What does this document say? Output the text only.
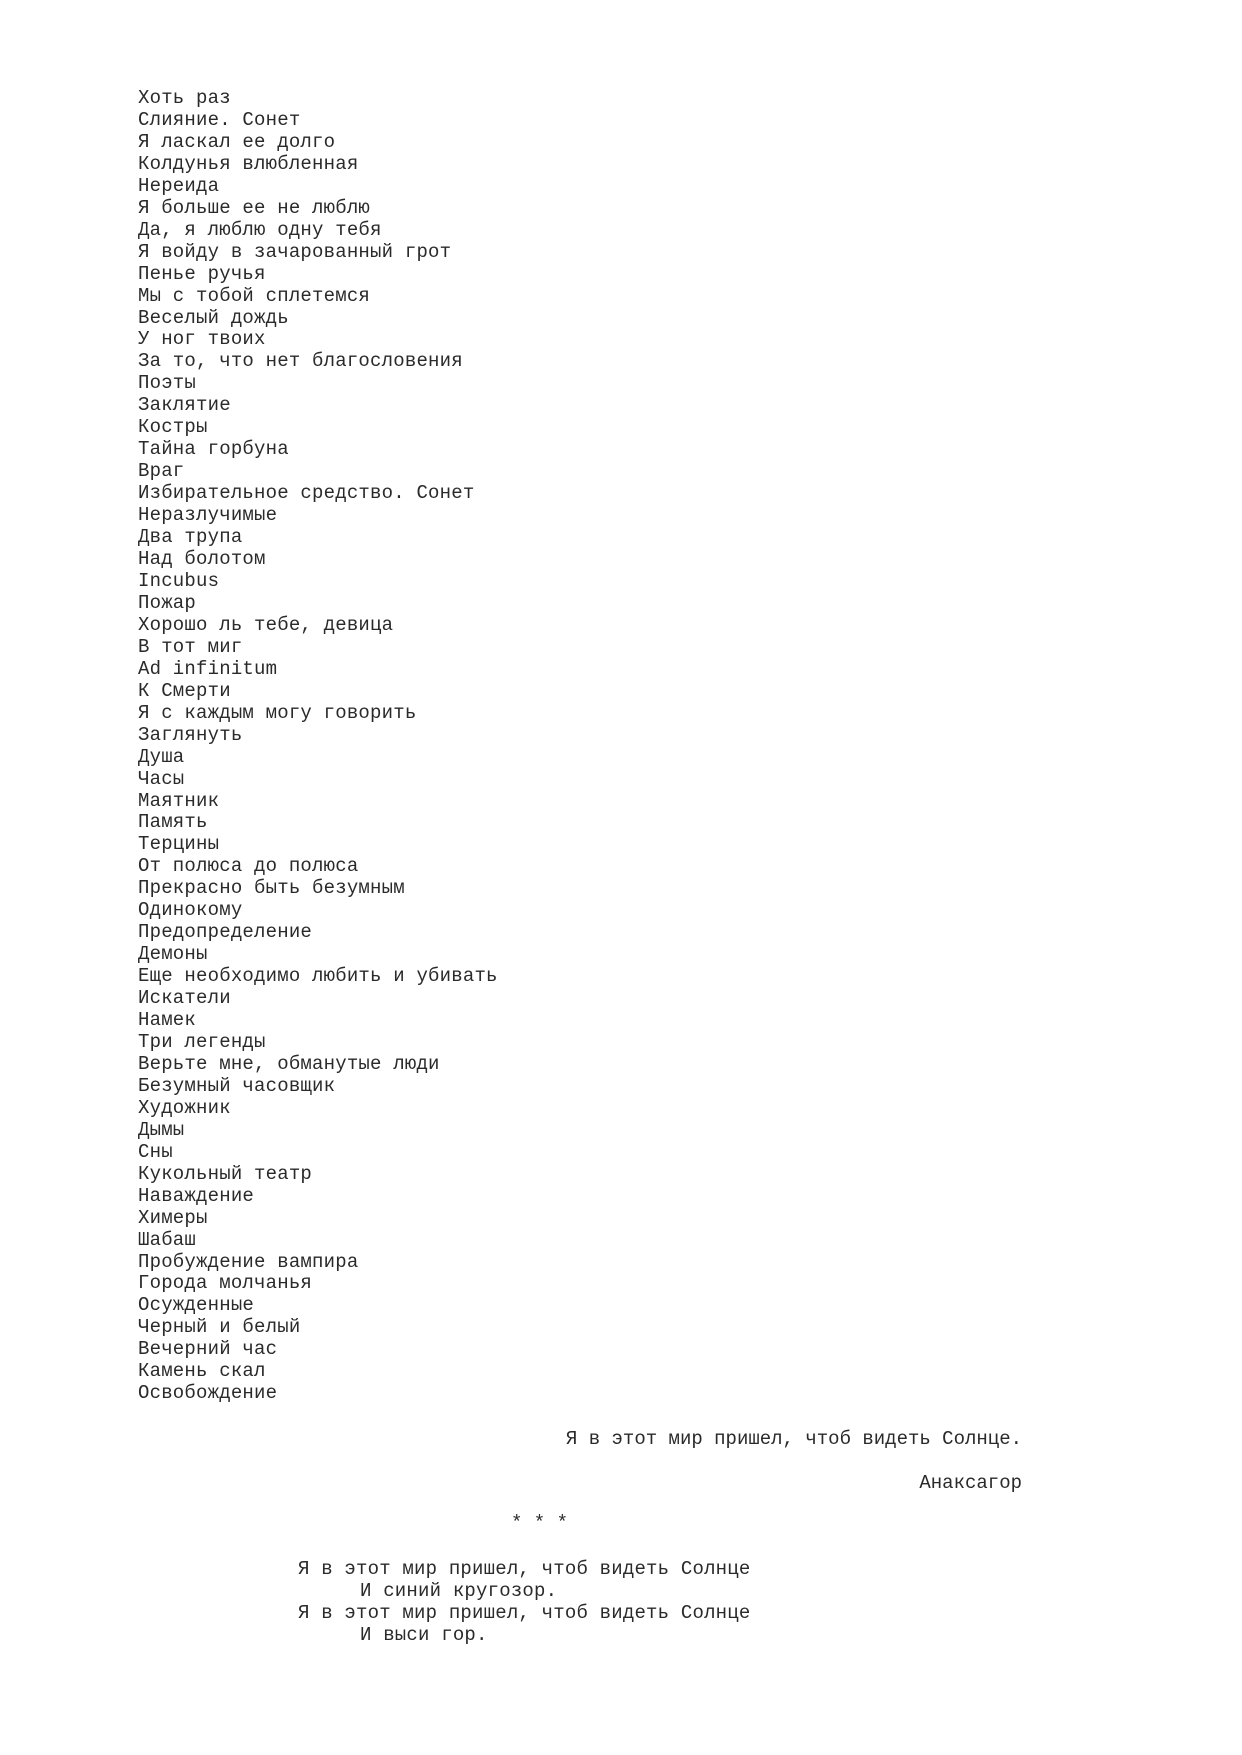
Хоть раз
Слияние. Сонет
Я ласкал ее долго
Колдунья влюбленная
Нереида
Я больше ее не люблю
Да, я люблю одну тебя
Я войду в зачарованный грот
Пенье ручья
Мы с тобой сплетемся
Веселый дождь
У ног твоих
За то, что нет благословения
Поэты
Заклятие
Костры
Тайна горбуна
Враг
Избирательное средство. Сонет
Неразлучимые
Два трупа
Над болотом
Incubus
Пожар
Хорошо ль тебе, девица
В тот миг
Ad infinitum
К Смерти
Я с каждым могу говорить
Заглянуть
Душа
Часы
Маятник
Память
Терцины
От полюса до полюса
Прекрасно быть безумным
Одинокому
Предопределение
Демоны
Еще необходимо любить и убивать
Искатели
Намек
Три легенды
Верьте мне, обманутые люди
Безумный часовщик
Художник
Дымы
Сны
Кукольный театр
Наваждение
Химеры
Шабаш
Пробуждение вампира
Города молчанья
Осужденные
Черный и белый
Вечерний час
Камень скал
Освобождение

Я в этот мир пришел, чтоб видеть Солнце.

Анаксагор

* * *

Я в этот мир пришел, чтоб видеть Солнце
И синий кругозор.
Я в этот мир пришел, чтоб видеть Солнце
И выси гор.
